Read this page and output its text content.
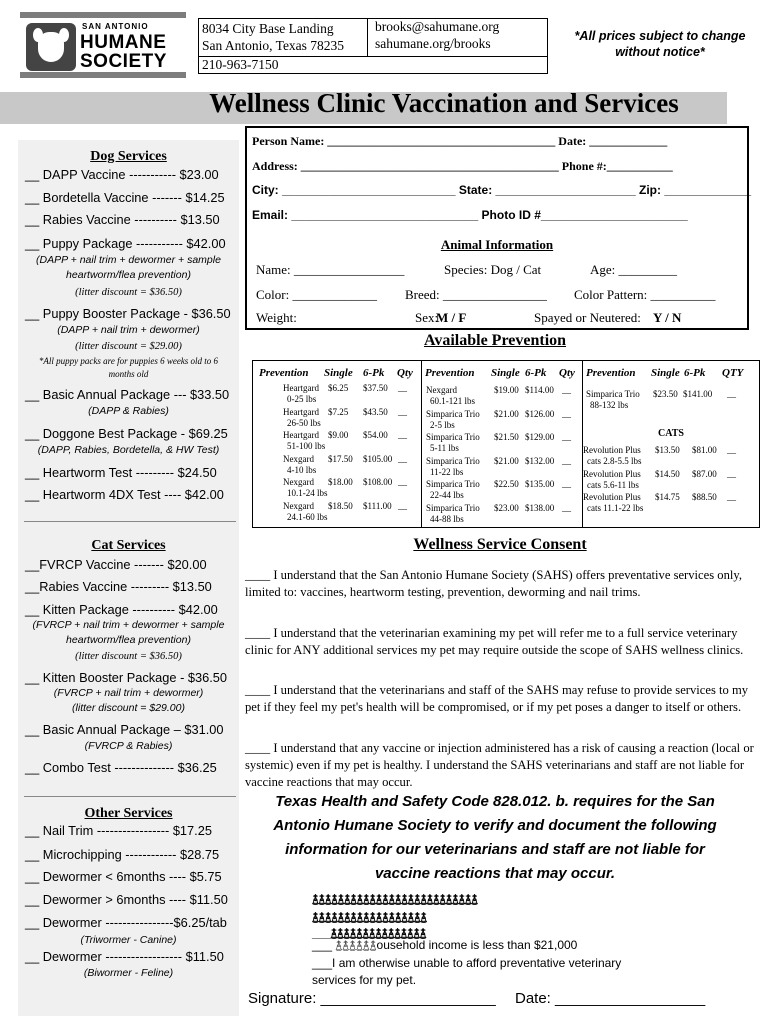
SAN ANTONIO
HUMANE
SOCIETY
8034 City Base Landing
San Antonio, Texas 78235
210-963-7150
brooks@sahumane.org
sahumane.org/brooks	*All prices subject to change
without notice*
Wellness Clinic Vaccination and Services
Dog Services
__ DAPP Vaccine ----------- $23.00
__ Bordetella Vaccine ------- $14.25
__ Rabies Vaccine ---------- $13.50
__ Puppy Package ----------- $42.00
(DAPP + nail trim + dewormer + sample
heartworm/flea prevention)
(litter discount = $36.50)
__ Puppy Booster Package - $36.50
(DAPP + nail trim + dewormer)
(litter discount = $29.00)
*All puppy packs are for puppies 6 weeks old to 6
months old
__ Basic Annual Package --- $33.50
(DAPP & Rabies)
__ Doggone Best Package - $69.25
(DAPP, Rabies, Bordetella, & HW Test)
__ Heartworm Test --------- $24.50
__ Heartworm 4DX Test ---- $42.00
Cat Services
__FVRCP Vaccine ------- $20.00
__Rabies Vaccine --------- $13.50
__ Kitten Package ---------- $42.00
(FVRCP + nail trim + dewormer + sample
heartworm/flea prevention)
(litter discount = $36.50)
__ Kitten Booster Package - $36.50
(FVRCP + nail trim + dewormer)
(litter discount = $29.00)
__ Basic Annual Package – $31.00
(FVRCP & Rabies)
__ Combo Test -------------- $36.25
Other Services
__ Nail Trim ----------------- $17.25
__ Microchipping ------------ $28.75
__ Dewormer < 6months ---- $5.75
__ Dewormer > 6months ---- $11.50
__ Dewormer ----------------$6.25/tab
(Triwormer - Canine)
__ Dewormer ------------------ $11.50
(Biwormer - Feline)
Person Name: ______________________________________ Date: _____________
Address: ___________________________________________ Phone #:___________
City: __________________________ State: _____________________ Zip: _____________
Email: ____________________________ Photo ID #______________________
Animal Information
Name: _________________	Species: Dog / Cat	Age: _________
Color: _____________ Breed: ________________ Color Pattern: __________
Weight:	Sex:
M / F	Spayed or Neutered: Y / N
Available Prevention
Prevention Single 6-Pk Qty
Heartgard $6.25 $37.50 __
0-25 lbs
Heartgard $7.25 $43.50 __
26-50 lbs
Heartgard $9.00 $54.00 __
51-100 lbs
Nexgard $17.50 $105.00 __
4-10 lbs
Nexgard $18.00 $108.00 __
10.1-24 lbs
Nexgard $18.50 $111.00 __
24.1-60 lbs
Prevention Single 6-Pk Qty
Nexgard	$19.00 $114.00 __
60.1-121 lbs
Simparica Trio $21.00 $126.00 __
2-5 lbs
Simparica Trio $21.50 $129.00 __
5-11 lbs
Simparica Trio $21.00 $132.00 __
11-22 lbs
Simparica Trio $22.50 $135.00 __
22-44 lbs
Simparica Trio $23.00 $138.00 __
44-88 lbs
Prevention Single 6-Pk QTY
Simparica Trio $23.50 $141.00 __
88-132 lbs
CATS
Revolution Plus $13.50 $81.00 __
cats 2.8-5.5 lbs
Revolution Plus $14.50 $87.00 __
cats 5.6-11 lbs
Revolution Plus $14.75 $88.50 __
cats 11.1-22 lbs
Wellness Service Consent
____ I understand that the San Antonio Humane Society (SAHS) offers preventative services only, limited to: vaccines, heartworm testing, prevention, deworming and nail trims.
____ I understand that the veterinarian examining my pet will refer me to a full service veterinary clinic for ANY additional services my pet may require outside the scope of SAHS wellness clinics.
____ I understand that the veterinarians and staff of the SAHS may refuse to provide services to my pet if they feel my pet's health will be compromised, or if my pet poses a danger to itself or others.
____ I understand that any vaccine or injection administered has a risk of causing a reaction (local or systemic) even if my pet is healthy. I understand the SAHS veterinarians and staff are not liable for vaccine reactions that may occur.
Texas Health and Safety Code 828.012. b. requires for the San Antonio Humane Society to verify and document the following information for our veterinarians and staff are not liable for vaccine reactions that may occur.
࿄࿄࿄࿄࿄࿄࿄࿄࿄࿄࿄࿄࿄࿄࿄࿄࿄࿄࿄࿄࿄࿄࿄࿄࿄࿄
࿄࿄࿄࿄࿄࿄࿄࿄࿄࿄࿄࿄࿄࿄࿄࿄࿄࿄
___࿄࿄࿄࿄࿄࿄࿄࿄࿄࿄࿄࿄࿄࿄࿄
___ ࿄࿄࿄࿄࿄࿄ousehold income is less than $21,000
___I am otherwise unable to afford preventative veterinary
services for my pet.
Signature: _____________________ Date: __________________
